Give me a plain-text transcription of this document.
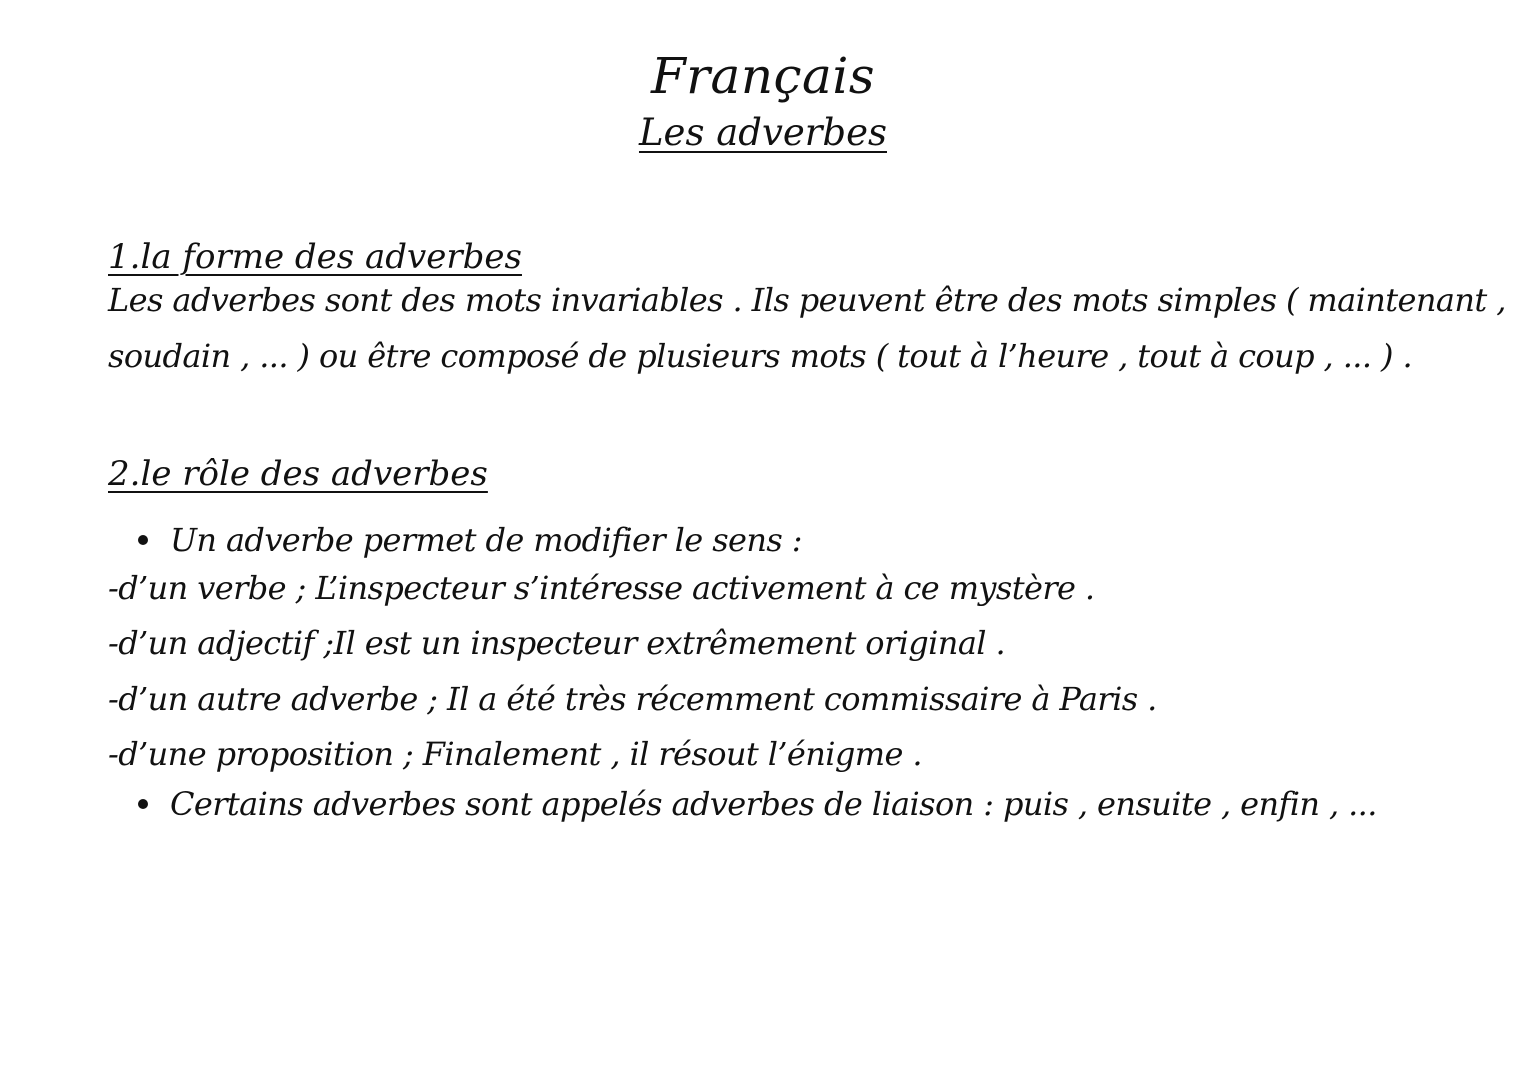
Français
Les adverbes
1.la forme des adverbes
Les adverbes sont des mots invariables . Ils peuvent être des mots simples ( maintenant ,
soudain , ... ) ou être composé de plusieurs mots ( tout à l’heure , tout à coup , ... ) .
2.le rôle des adverbes
Un adverbe permet de modifier le sens :
-d’un verbe ; L’inspecteur s’intéresse activement à ce mystère .
-d’un adjectif ;Il est un inspecteur extrêmement original .
-d’un autre adverbe ; Il a été très récemment commissaire à Paris .
-d’une proposition ; Finalement , il résout l’énigme .
Certains adverbes sont appelés adverbes de liaison : puis , ensuite , enfin , ...
